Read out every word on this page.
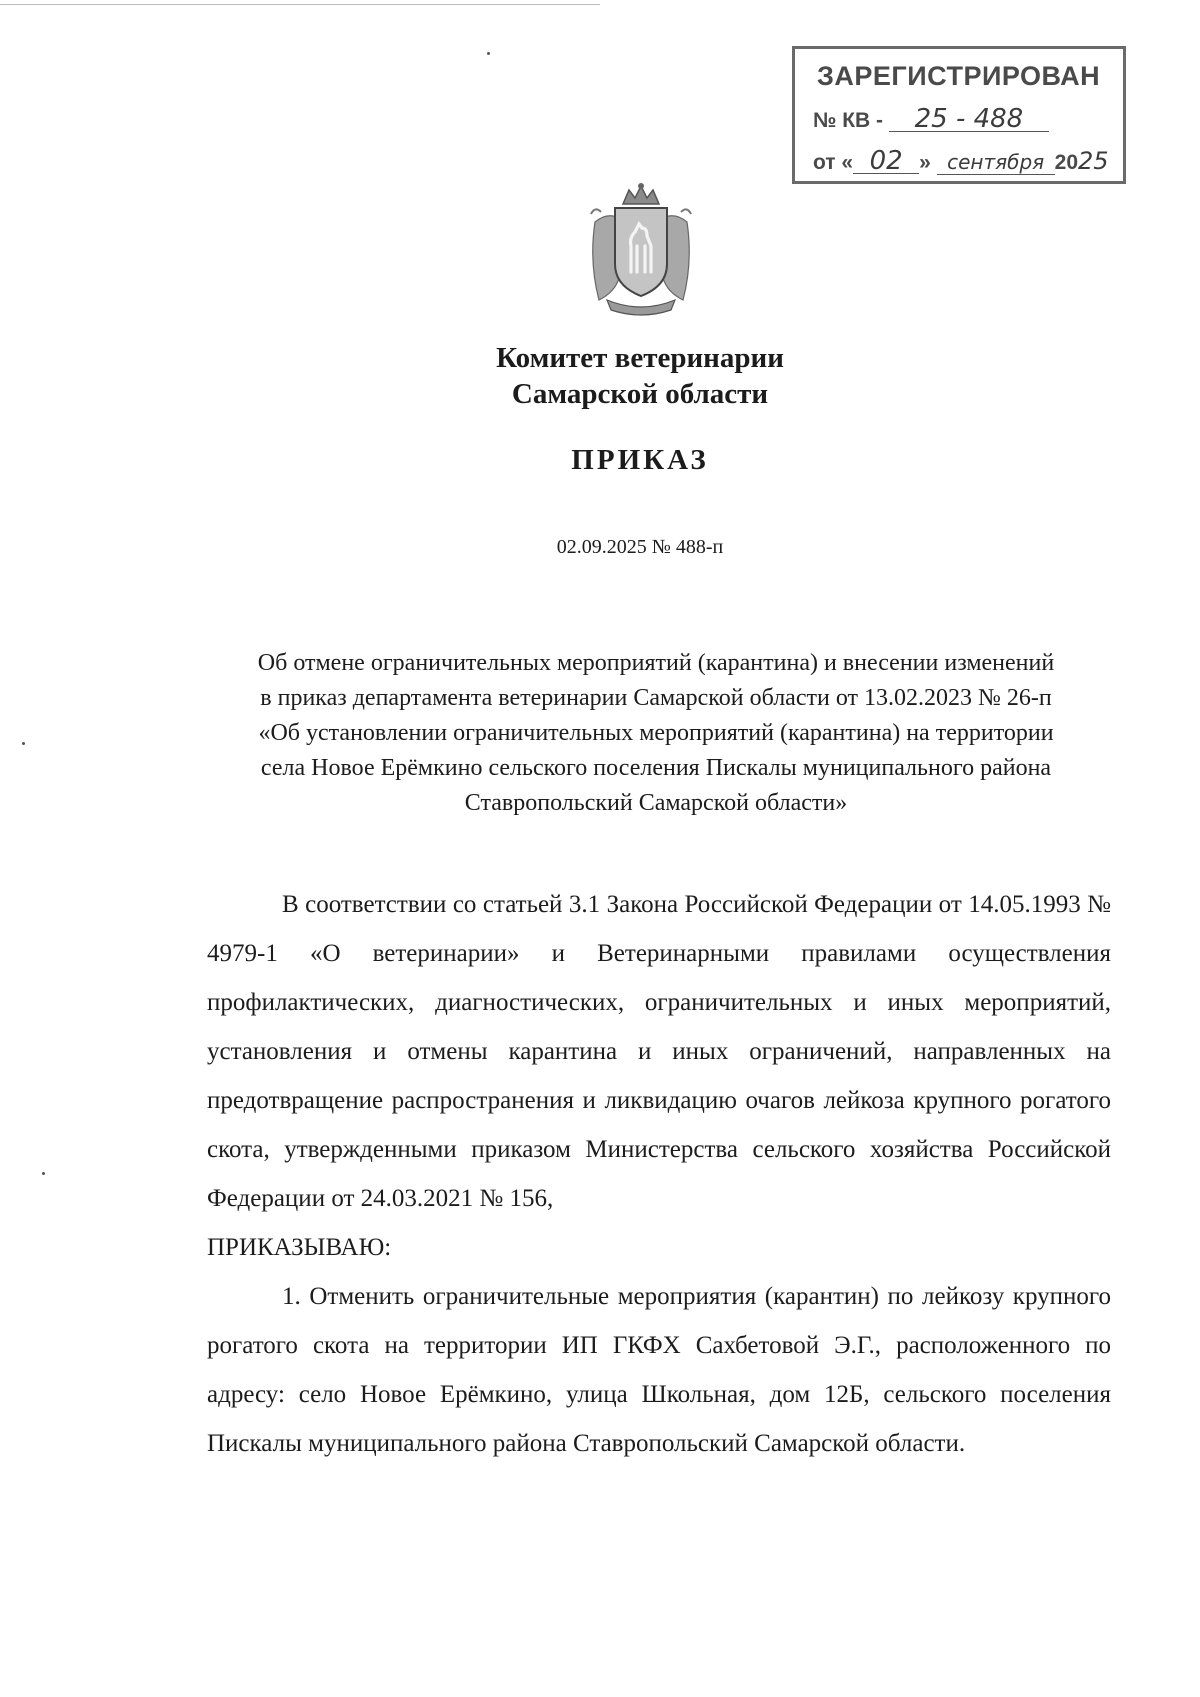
ЗАРЕГИСТРИРОВАН
№ КВ - 25 - 488
от « 02 » сентября 2025
Комитет ветеринарии
Самарской области
ПРИКАЗ
02.09.2025 № 488-п
Об отмене ограничительных мероприятий (карантина) и внесении изменений
в приказ департамента ветеринарии Самарской области от 13.02.2023 № 26-п
«Об установлении ограничительных мероприятий (карантина) на территории
села Новое Ерёмкино сельского поселения Пискалы муниципального района
Ставропольский Самарской области»

В соответствии со статьей 3.1 Закона Российской Федерации от 14.05.1993 № 4979-1 «О ветеринарии» и Ветеринарными правилами осуществления профилактических, диагностических, ограничительных и иных мероприятий, установления и отмены карантина и иных ограничений, направленных на предотвращение распространения и ликвидацию очагов лейкоза крупного рогатого скота, утвержденными приказом Министерства сельского хозяйства Российской Федерации от 24.03.2021 № 156,

ПРИКАЗЫВАЮ:

1. Отменить ограничительные мероприятия (карантин) по лейкозу крупного рогатого скота на территории ИП ГКФХ Сахбетовой Э.Г., расположенного по адресу: село Новое Ерёмкино, улица Школьная, дом 12Б, сельского поселения Пискалы муниципального района Ставропольский Самарской области.
